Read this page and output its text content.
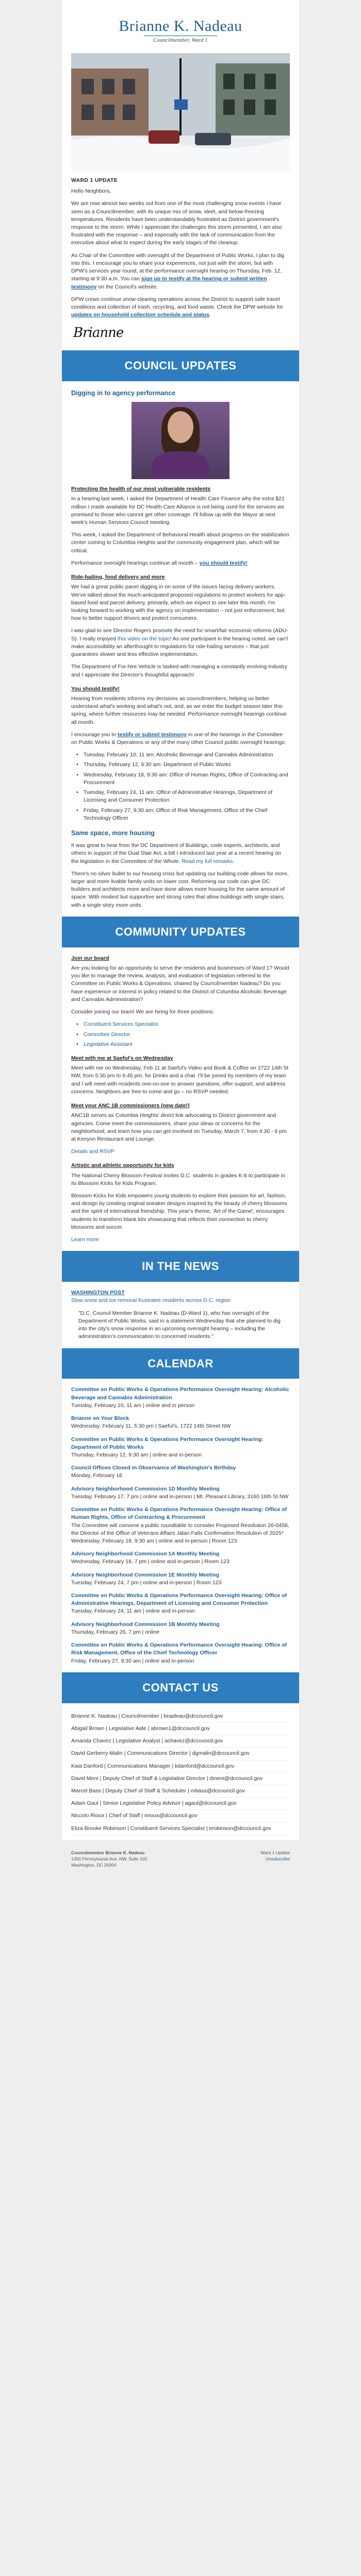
Brianne K. Nadeau
Councilmember, Ward 1
WARD 1 UPDATE

Hello Neighbors,

We are now almost two weeks out from one of the most challenging snow events I have seen as a Councilmember, with its unique mix of snow, sleet, and below-freezing temperatures. Residents have been understandably frustrated as District government's response to the storm. While I appreciate the challenges this storm presented, I am also frustrated with the response – and especially with the lack of communication from the executive about what to expect during the early stages of the cleanup.

As Chair of the Committee with oversight of the Department of Public Works, I plan to dig into this. I encourage you to share your experiences, not just with the storm, but with DPW's services year round, at the performance oversight hearing on Thursday, Feb. 12, starting at 9:30 a.m. You can sign up to testify at the hearing or submit written testimony on the Council's website.

DPW crews continue snow-clearing operations across the District to support safe travel conditions and collection of trash, recycling, and food waste. Check the DPW website for updates on household collection schedule and status.

Brianne
COUNCIL UPDATES
Digging in to agency performance
Protecting the health of our most vulnerable residents

In a hearing last week, I asked the Department of Health Care Finance why the extra $21 million I made available for DC Health Care Alliance is not being used for the services we promised to those who cannot get other coverage. I'll follow up with the Mayor at next week's Human Services Council meeting.

This week, I asked the Department of Behavioral Health about progress on the stabilization center coming to Columbia Heights and the community engagement plan, which will be critical.

Performance oversight hearings continue all month – you should testify!

Ride-hailing, food delivery and more

We had a great public panel digging in on some of the issues facing delivery workers. We've talked about the much-anticipated proposed regulations to protect workers for app-based food and parcel delivery, primarily, which we expect to see later this month. I'm looking forward to working with the agency on implementation – not just enforcement, but how to better support drivers and protect consumers.

I was glad to see Director Rogers promote the need for smart/fair economic reforms (ADU-S). I really enjoyed this video on the topic! As one participant in the hearing noted, we can't make accessibility an afterthought to regulations for ride-hailing services – that just guarantees slower and less effective implementation.

The Department of For-hire Vehicle is tasked with managing a constantly evolving industry and I appreciate the Director's thoughtful approach!

You should testify!

Hearing from residents informs my decisions as councilmembers, helping us better understand what's working and what's not, and, as we enter the budget season later this spring, where further resources may be needed. Performance oversight hearings continue all month.

I encourage you to testify or submit testimony in one of the hearings in the Committee on Public Works & Operations or any of the many other Council public oversight hearings:

• Tuesday, February 10, 11 am: Alcoholic Beverage and Cannabis Administration
• Thursday, February 12, 9:30 am: Department of Public Works
• Wednesday, February 18, 9:30 am: Office of Human Rights, Office of Contracting and Procurement
• Tuesday, February 24, 11 am: Office of Administrative Hearings, Department of Licensing and Consumer Protection
• Friday, February 27, 9:30 am: Office of Risk Management, Office of the Chief Technology Officer
Same space, more housing

It was great to hear from the DC Department of Buildings, code experts, architects, and others in support of the Dual Stair Act, a bill I introduced last year at a recent hearing on the legislation in the Committee of the Whole. Read my full remarks.

There's no silver bullet to our housing crisis but updating our building code allows for more, larger and more livable family units on lower cost. Reforming our code can give DC builders and architects more and have done allows more housing for the same amount of space. With modest but supportive and strong rules that allow buildings with single stairs, with a single story more units.

COMMUNITY UPDATES
Join our board

Are you looking for an opportunity to serve the residents and businesses of Ward 1? Would you like to manage the review, analysis, and evaluation of legislation referred to the Committee on Public Works & Operations, chaired by Councilmember Nadeau? Do you have experience or interest in policy related to the District of Columbia Alcoholic Beverage and Cannabis Administration?

Consider joining our team! We are hiring for three positions:

• Constituent Services Specialist
• Committee Director
• Legislative Assistant
Meet with me at Saeful's on Wednesday

Meet with me on Wednesday, Feb 11 at Saeful's Video and Book & Coffee on 1722 14th St NW, from 5:30 pm to 6:45 pm, for Drinks and a chat. I'll be joined by members of my team and I will meet with residents one-on-one to answer questions, offer support, and address concerns. Neighbors are free to come and go – no RSVP needed.

Meet your ANC 1B commissioners (new date!)

ANC1B serves as Columbia Heights' direct link advocating to District government and agencies. Come meet the commissioners, share your ideas or concerns for the neighborhood, and learn how you can get involved on Tuesday, March 7, from 4:30 - 6 pm at Kenyon Restaurant and Lounge.

Details and RSVP

Artistic and athletic opportunity for kids

The National Cherry Blossom Festival invites D.C. students in grades K-8 to participate in its Blossom Kicks for Kids Program.

Blossom Kicks for Kids empowers young students to explore their passion for art, fashion, and design by creating original sneaker designs inspired by the beauty of cherry blossoms and the spirit of international friendship. This year's theme, 'Art of the Game', encourages students to transform blank kits showcasing that reflects their connection to cherry blossoms and soccer.

Learn more

IN THE NEWS
WASHINGTON POST

Slow snow and ice removal frustrates residents across D.C. region

"D.C. Council Member Brianne K. Nadeau (D-Ward 1), who has oversight of the Department of Public Works, said in a statement Wednesday that she planned to dig into the city's snow response in an upcoming oversight hearing – including the administration's communication to concerned residents."

CALENDAR
Committee on Public Works & Operations Performance Oversight Hearing: Alcoholic Beverage and Cannabis Administration
Tuesday, February 10, 11 am | online and in person
Brianne on Your Block
Wednesday, February 11, 5:30 pm | Saeful's, 1722 14th Street NW
Committee on Public Works & Operations Performance Oversight Hearing: Department of Public Works
Thursday, February 12, 9:30 am | online and in-person
Council Offices Closed in Observance of Washington's Birthday
Monday, February 16
Advisory Neighborhood Commission 1D Monthly Meeting
Tuesday, February 17, 7 pm | online and in-person | Mt. Pleasant Library, 3160 16th St NW
Committee on Public Works & Operations Performance Oversight Hearing: Office of Human Rights, Office of Contracting & Procurement
The Committee will convene a public roundtable to consider Proposed Resolution 26-0458, the Director of the Office of Veterans Affairs Jalan Falls Confirmation Resolution of 2025*
Wednesday, February 18, 9:30 am | online and in-person | Room 123
Advisory Neighborhood Commission 1A Monthly Meeting
Wednesday, February 18, 7 pm | online and in-person | Room 123
Advisory Neighborhood Commission 1E Monthly Meeting
Tuesday, February 24, 7 pm | online and in-person | Room 123
Committee on Public Works & Operations Performance Oversight Hearing: Office of Administrative Hearings, Department of Licensing and Consumer Protection
Tuesday, February 24, 11 am | online and in-person
Advisory Neighborhood Commission 1B Monthly Meeting
Thursday, February 26, 7 pm | online
Committee on Public Works & Operations Performance Oversight Hearing: Office of Risk Management, Office of the Chief Technology Officer
Friday, February 27, 9:30 am | online and in-person
CONTACT US
Brianne K. Nadeau | Councilmember | bnadeau@dccouncil.gov
Abigail Brown | Legislative Aide | abrown1@dccouncil.gov
Amanda Chavez | Legislative Analyst | achavez@dccouncil.gov
David Gerberry-Malin | Communications Director | dgmalin@dccouncil.gov
Kaia Danford | Communications Manager | kdanford@dccouncil.gov
David Meni | Deputy Chief of Staff & Legislative Director | dmeni@dccouncil.gov
Marcel Bass | Deputy Chief of Staff & Scheduler | mbass@dccouncil.gov
Adam Gaul | Senior Legislative Policy Advisor | agaul@dccouncil.gov
Niccolo Rioux | Chief of Staff | nrioux@dccouncil.gov
Eliza Brooke Robinson | Constituent Services Specialist | erobinson@dccouncil.gov
Councilmember Brianne K. Nadeau
1350 Pennsylvania Ave. NW, Suite 102
Washington, DC 20004
Ward 1 Update
Unsubscribe
